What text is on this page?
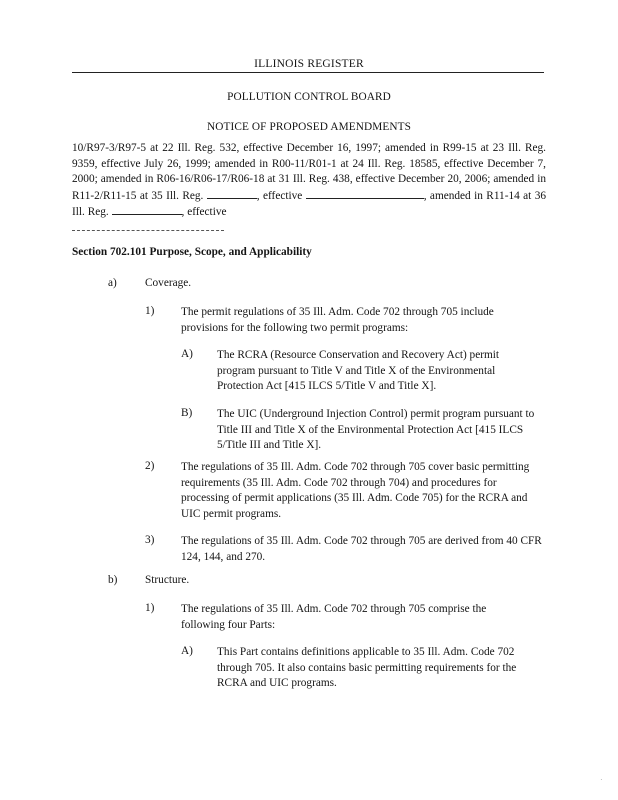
ILLINOIS REGISTER
POLLUTION CONTROL BOARD
NOTICE OF PROPOSED AMENDMENTS
10/R97-3/R97-5 at 22 Ill. Reg. 532, effective December 16, 1997; amended in R99-15 at 23 Ill. Reg. 9359, effective July 26, 1999; amended in R00-11/R01-1 at 24 Ill. Reg. 18585, effective December 7, 2000; amended in R06-16/R06-17/R06-18 at 31 Ill. Reg. 438, effective December 20, 2006; amended in R11-2/R11-15 at 35 Ill. Reg.	, effective	, amended in R11-14 at 36 Ill. Reg.	, effective
Section 702.101 Purpose, Scope, and Applicability
a) Coverage.
1) The permit regulations of 35 Ill. Adm. Code 702 through 705 include provisions for the following two permit programs:
A) The RCRA (Resource Conservation and Recovery Act) permit program pursuant to Title V and Title X of the Environmental Protection Act [415 ILCS 5/Title V and Title X].
B) The UIC (Underground Injection Control) permit program pursuant to Title III and Title X of the Environmental Protection Act [415 ILCS 5/Title III and Title X].
2) The regulations of 35 Ill. Adm. Code 702 through 705 cover basic permitting requirements (35 Ill. Adm. Code 702 through 704) and procedures for processing of permit applications (35 Ill. Adm. Code 705) for the RCRA and UIC permit programs.
3) The regulations of 35 Ill. Adm. Code 702 through 705 are derived from 40 CFR 124, 144, and 270.
b) Structure.
1) The regulations of 35 Ill. Adm. Code 702 through 705 comprise the following four Parts:
A) This Part contains definitions applicable to 35 Ill. Adm. Code 702 through 705. It also contains basic permitting requirements for the RCRA and UIC programs.
.
